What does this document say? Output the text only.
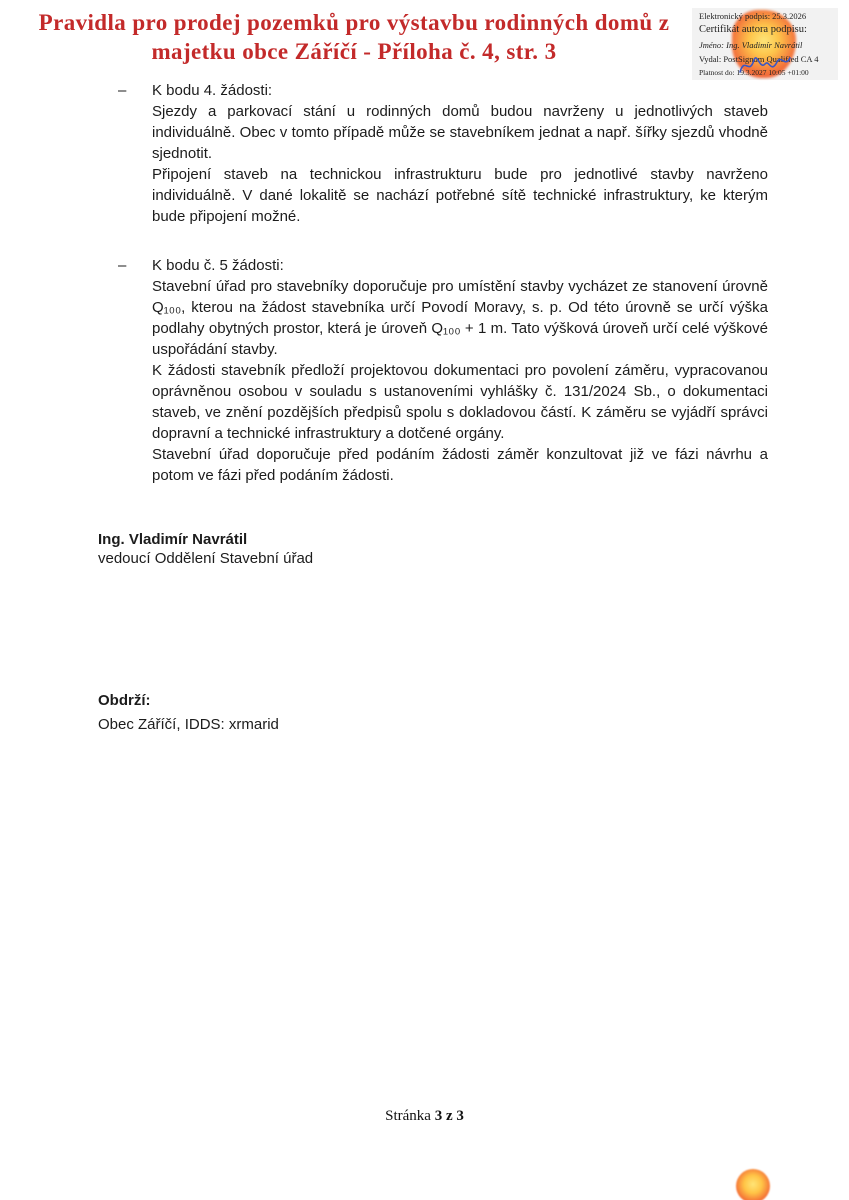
Pravidla pro prodej pozemků pro výstavbu rodinných domů z majetku obce Záříčí - Příloha č. 4, str. 3
Elektronický podpis: 25.3.2026
Certifikát autora podpisu:
Jméno: Ing. Vladimír Navrátil
Vydal: PostSignum Qualified CA 4
Platnost do: 19.3.2027 10:05 +01:00
–	K bodu 4. žádosti:

Sjezdy a parkovací stání u rodinných domů budou navrženy u jednotlivých staveb individuálně. Obec v tomto případě může se stavebníkem jednat a např. šířky sjezdů vhodně sjednotit.

Připojení staveb na technickou infrastrukturu bude pro jednotlivé stavby navrženo individuálně. V dané lokalitě se nachází potřebné sítě technické infrastruktury, ke kterým bude připojení možné.

–	K bodu č. 5 žádosti:

Stavební úřad pro stavebníky doporučuje pro umístění stavby vycházet ze stanovení úrovně Q₁₀₀, kterou na žádost stavebníka určí Povodí Moravy, s. p. Od této úrovně se určí výška podlahy obytných prostor, která je úroveň Q₁₀₀ + 1 m. Tato výšková úroveň určí celé výškové uspořádání stavby.

K žádosti stavebník předloží projektovou dokumentaci pro povolení záměru, vypracovanou oprávněnou osobou v souladu s ustanoveními vyhlášky č. 131/2024 Sb., o dokumentaci staveb, ve znění pozdějších předpisů spolu s dokladovou částí. K záměru se vyjádří správci dopravní a technické infrastruktury a dotčené orgány.

Stavební úřad doporučuje před podáním žádosti záměr konzultovat již ve fázi návrhu a potom ve fázi před podáním žádosti.

Ing. Vladimír Navrátil
vedoucí Oddělení Stavební úřad
Obdrží:
Obec Záříčí, IDDS: xrmarid
Stránka 3 z 3
